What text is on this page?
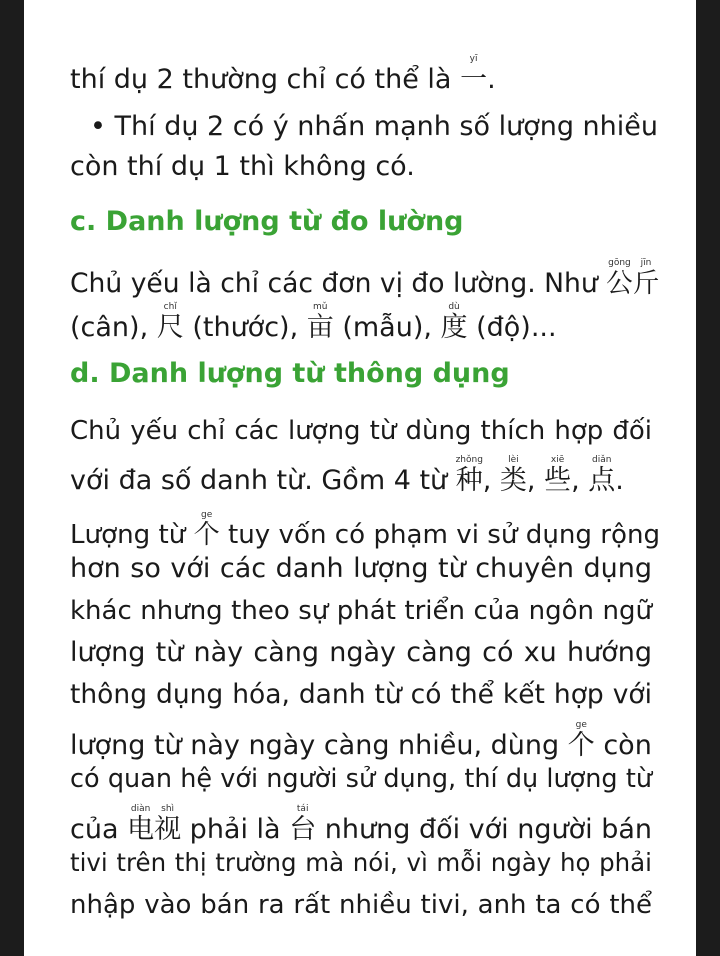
thí dụ 2 thường chỉ có thể là 一yī.
• Thí dụ 2 có ý nhấn mạnh số lượng nhiều
còn thí dụ 1 thì không có.
c. Danh lượng từ đo lường
Chủ yếu là chỉ các đơn vị đo lường. Như 公gōng斤jīn
(cân), 尺chǐ (thước), 亩mǔ (mẫu), 度dù (độ)...
d. Danh lượng từ thông dụng
Chủ yếu chỉ các lượng từ dùng thích hợp đối
với đa số danh từ. Gồm 4 từ 种zhǒng, 类lèi, 些xiē, 点diǎn.
Lượng từ 个ge tuy vốn có phạm vi sử dụng rộng
hơn so với các danh lượng từ chuyên dụng
khác nhưng theo sự phát triển của ngôn ngữ
lượng từ này càng ngày càng có xu hướng
thông dụng hóa, danh từ có thể kết hợp với
lượng từ này ngày càng nhiều, dùng 个ge còn
có quan hệ với người sử dụng, thí dụ lượng từ
của 电diàn视shì phải là 台tái nhưng đối với người bán
tivi trên thị trường mà nói, vì mỗi ngày họ phải
nhập vào bán ra rất nhiều tivi, anh ta có thể
